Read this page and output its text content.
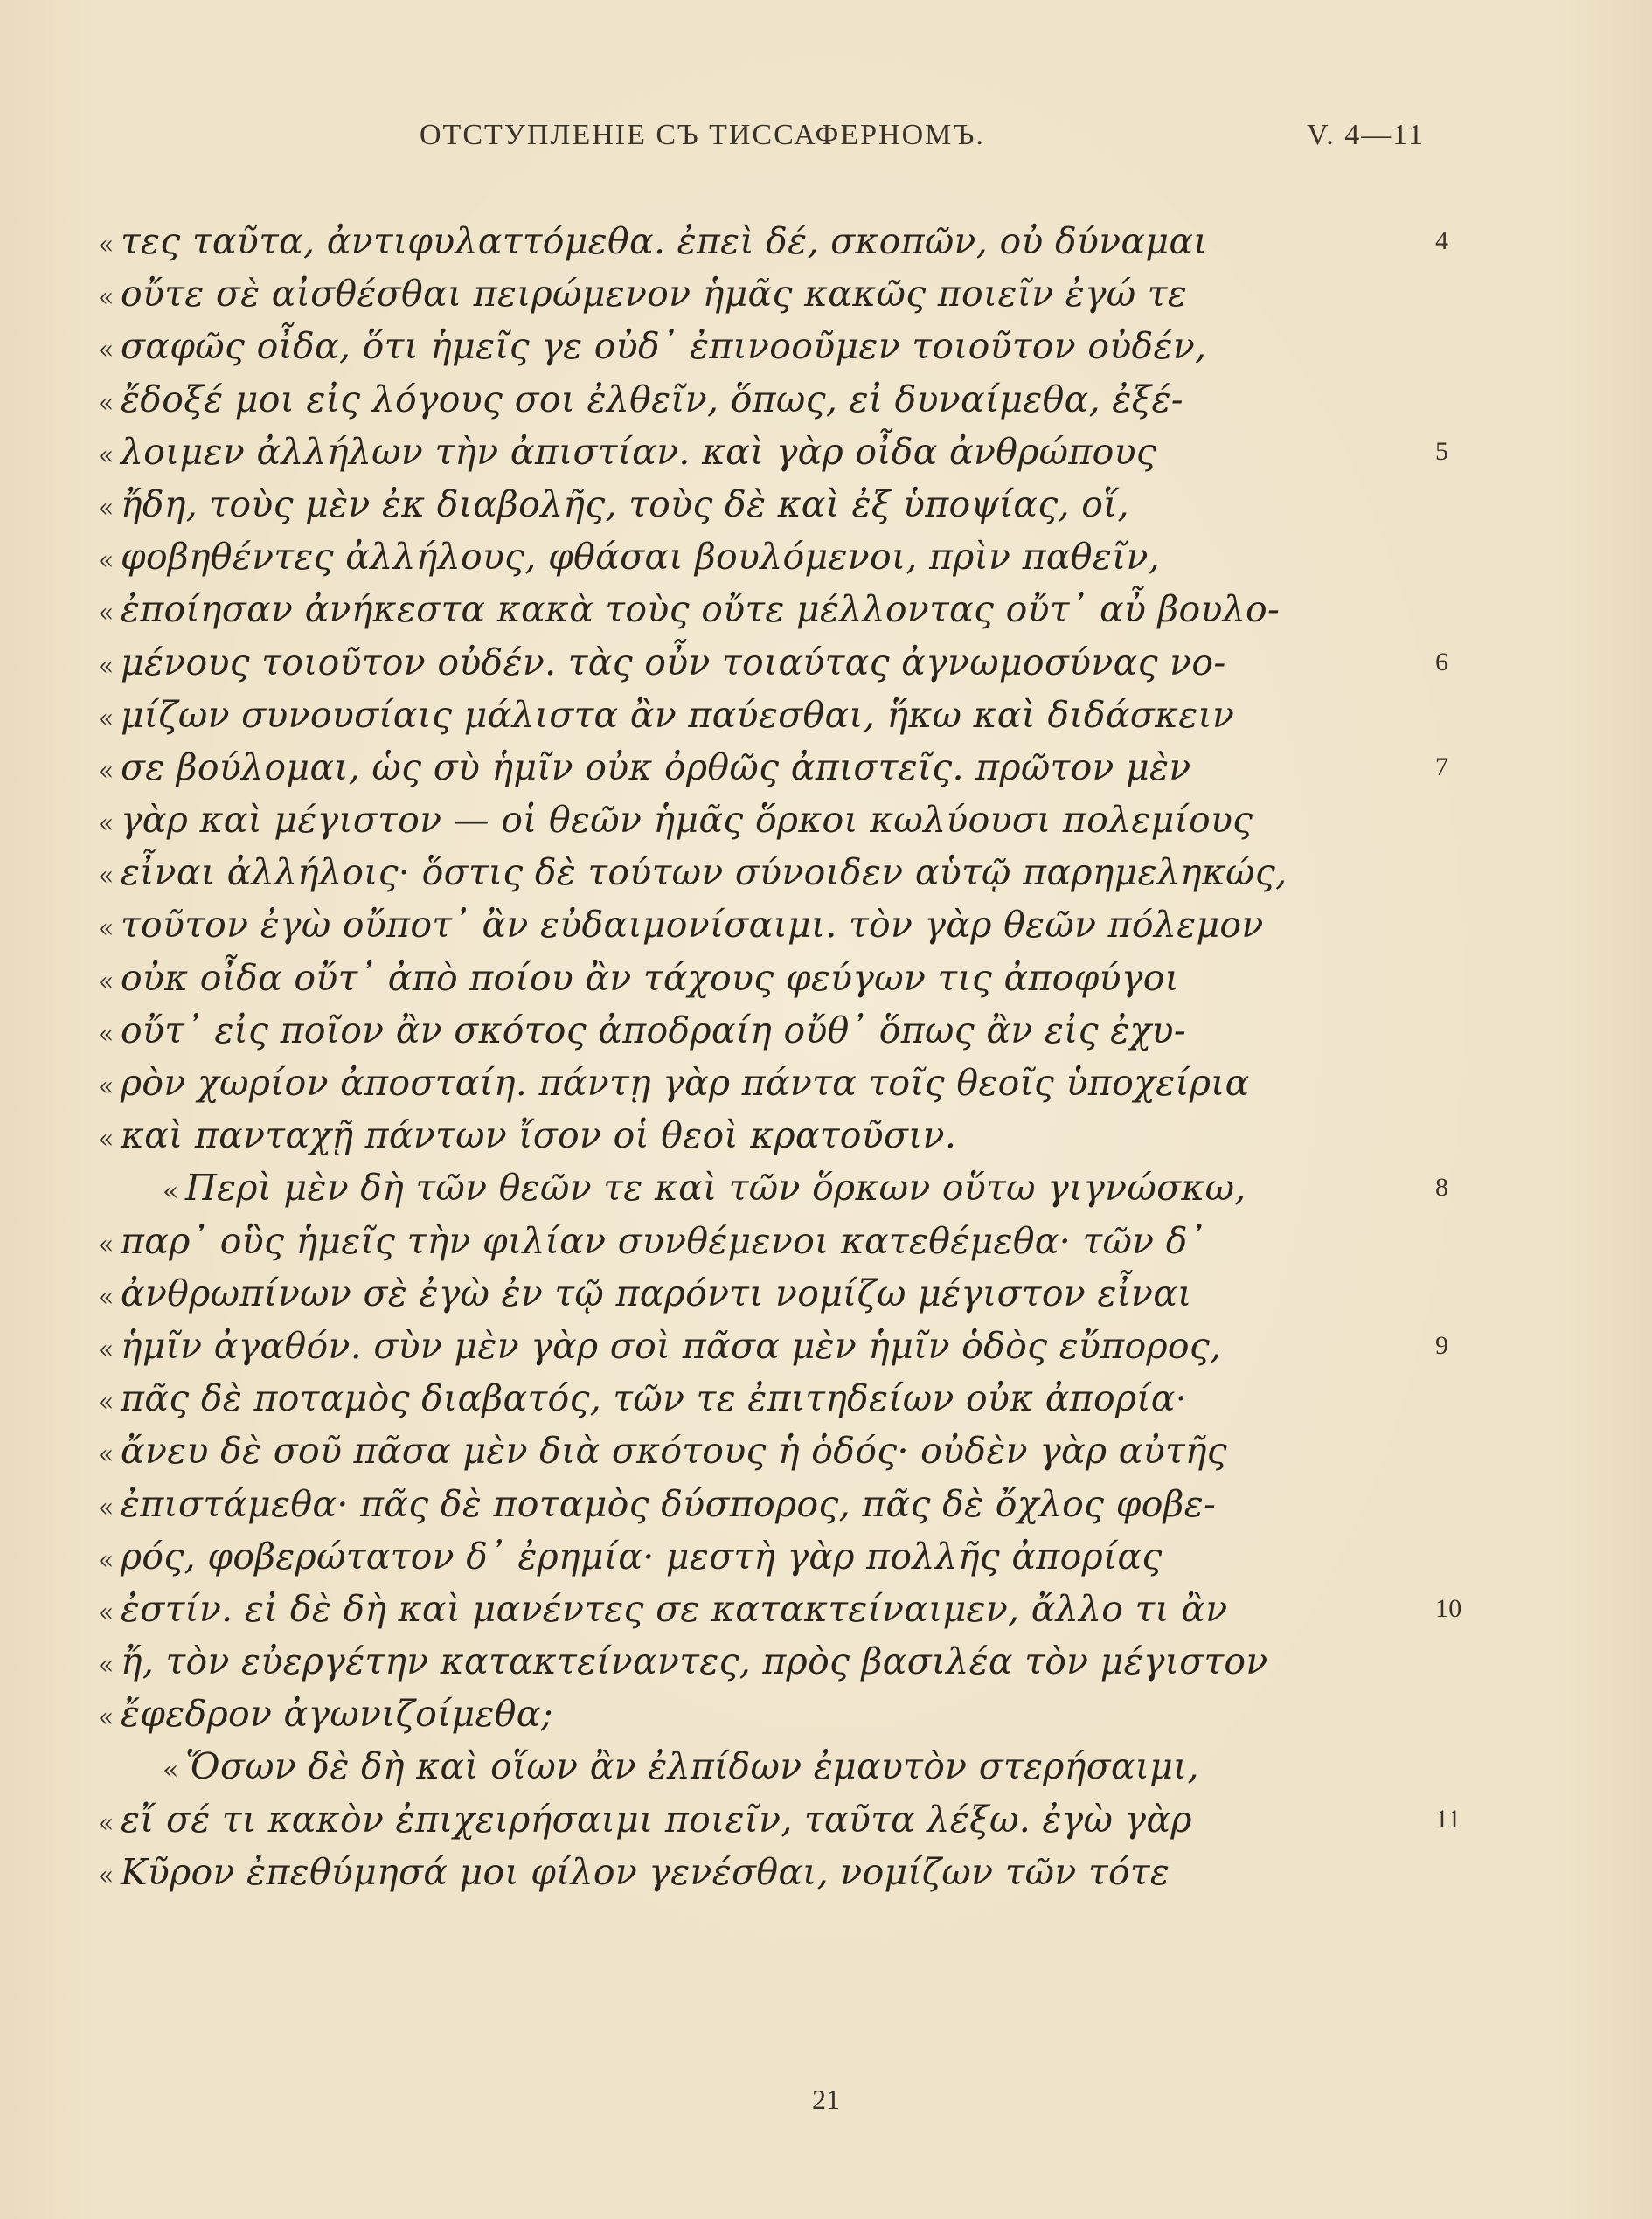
ОТСТУПЛЕНІЕ СЪ ТИССАФЕРНОМЪ.	V. 4—11
« τες ταῦτα, ἀντιφυλαττόμεθα. ἐπεὶ δέ, σκοπῶν, οὐ δύναμαι	4
« οὔτε σὲ αἰσθέσθαι πειρώμενον ἡμᾶς κακῶς ποιεῖν ἐγώ τε
« σαφῶς οἶδα, ὅτι ἡμεῖς γε οὐδ᾽ ἐπινοοῦμεν τοιοῦτον οὐδέν,
« ἔδοξέ μοι εἰς λόγους σοι ἐλθεῖν, ὅπως, εἰ δυναίμεθα, ἐξέ-
« λοιμεν ἀλλήλων τὴν ἀπιστίαν. καὶ γὰρ οἶδα ἀνθρώπους	5
« ἤδη, τοὺς μὲν ἐκ διαβολῆς, τοὺς δὲ καὶ ἐξ ὑποψίας, οἵ,
« φοβηθέντες ἀλλήλους, φθάσαι βουλόμενοι, πρὶν παθεῖν,
« ἐποίησαν ἀνήκεστα κακὰ τοὺς οὔτε μέλλοντας οὔτ᾽ αὖ βουλο-
« μένους τοιοῦτον οὐδέν. τὰς οὖν τοιαύτας ἀγνωμοσύνας νο-	6
« μίζων συνουσίαις μάλιστα ἂν παύεσθαι, ἥκω καὶ διδάσκειν
« σε βούλομαι, ὡς σὺ ἡμῖν οὐκ ὀρθῶς ἀπιστεῖς. πρῶτον μὲν	7
« γὰρ καὶ μέγιστον — οἱ θεῶν ἡμᾶς ὅρκοι κωλύουσι πολεμίους
« εἶναι ἀλλήλοις· ὅστις δὲ τούτων σύνοιδεν αὑτῷ παρημεληκώς,
« τοῦτον ἐγὼ οὔποτ᾽ ἂν εὐδαιμονίσαιμι. τὸν γὰρ θεῶν πόλεμον
« οὐκ οἶδα οὔτ᾽ ἀπὸ ποίου ἂν τάχους φεύγων τις ἀποφύγοι
« οὔτ᾽ εἰς ποῖον ἂν σκότος ἀποδραίη οὔθ᾽ ὅπως ἂν εἰς ἐχυ-
« ρὸν χωρίον ἀποσταίη. πάντῃ γὰρ πάντα τοῖς θεοῖς ὑποχείρια
« καὶ πανταχῇ πάντων ἴσον οἱ θεοὶ κρατοῦσιν.
« Περὶ μὲν δὴ τῶν θεῶν τε καὶ τῶν ὅρκων οὕτω γιγνώσκω,	8
« παρ᾽ οὓς ἡμεῖς τὴν φιλίαν συνθέμενοι κατεθέμεθα· τῶν δ᾽
« ἀνθρωπίνων σὲ ἐγὼ ἐν τῷ παρόντι νομίζω μέγιστον εἶναι
« ἡμῖν ἀγαθόν. σὺν μὲν γὰρ σοὶ πᾶσα μὲν ἡμῖν ὁδὸς εὔπορος,	9
« πᾶς δὲ ποταμὸς διαβατός, τῶν τε ἐπιτηδείων οὐκ ἀπορία·
« ἄνευ δὲ σοῦ πᾶσα μὲν διὰ σκότους ἡ ὁδός· οὐδὲν γὰρ αὐτῆς
« ἐπιστάμεθα· πᾶς δὲ ποταμὸς δύσπορος, πᾶς δὲ ὄχλος φοβε-
« ρός, φοβερώτατον δ᾽ ἐρημία· μεστὴ γὰρ πολλῆς ἀπορίας
« ἐστίν. εἰ δὲ δὴ καὶ μανέντες σε κατακτείναιμεν, ἄλλο τι ἂν	10
« ἤ, τὸν εὐεργέτην κατακτείναντες, πρὸς βασιλέα τὸν μέγιστον
« ἔφεδρον ἀγωνιζοίμεθα;
« Ὅσων δὲ δὴ καὶ οἵων ἂν ἐλπίδων ἐμαυτὸν στερήσαιμι,
« εἴ σέ τι κακὸν ἐπιχειρήσαιμι ποιεῖν, ταῦτα λέξω. ἐγὼ γὰρ	11
« Κῦρον ἐπεθύμησά μοι φίλον γενέσθαι, νομίζων τῶν τότε
21
